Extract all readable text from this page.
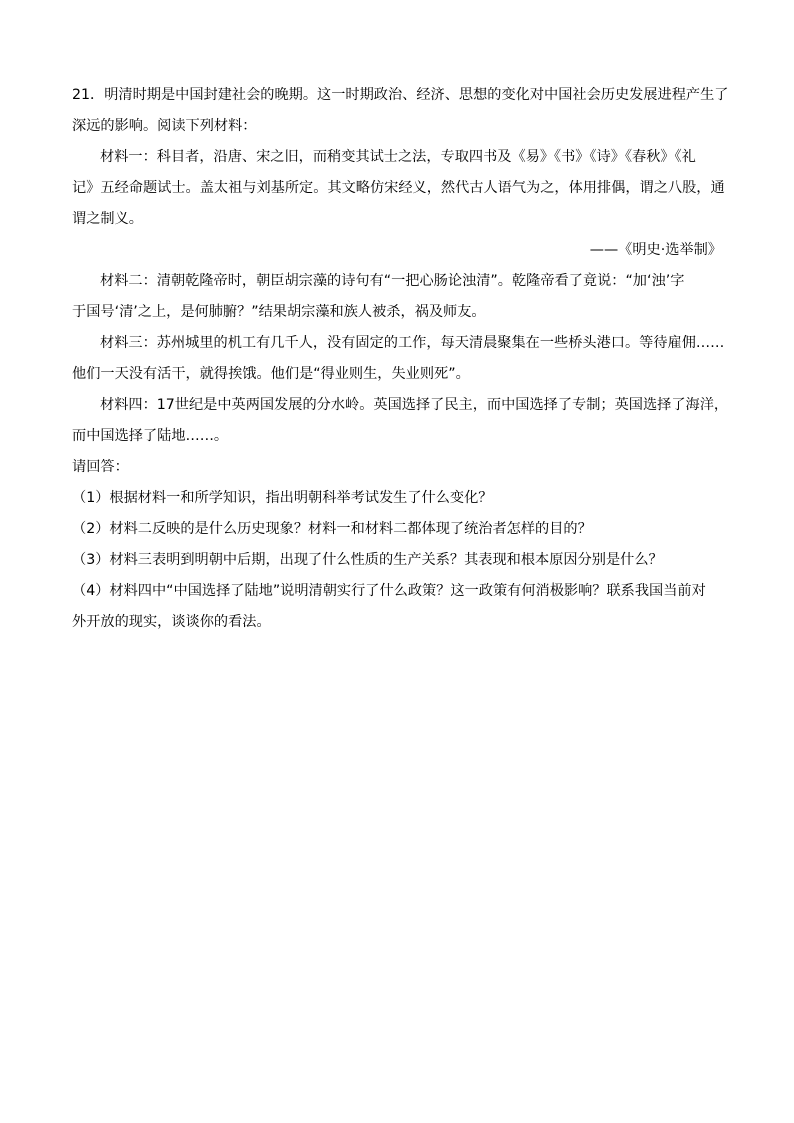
21．明清时期是中国封建社会的晚期。这一时期政治、经济、思想的变化对中国社会历史发展进程产生了
深远的影响。阅读下列材料：
材料一：科目者，沿唐、宋之旧，而稍变其试士之法，专取四书及《易》《书》《诗》《春秋》《礼
记》五经命题试士。盖太祖与刘基所定。其文略仿宋经义，然代古人语气为之，体用排偶，谓之八股，通
谓之制义。
——《明史·选举制》
材料二：清朝乾隆帝时，朝臣胡宗藻的诗句有“一把心肠论浊清”。乾隆帝看了竟说：“加‘浊’字
于国号‘清’之上，是何肺腑？”结果胡宗藻和族人被杀，祸及师友。
材料三：苏州城里的机工有几千人，没有固定的工作，每天清晨聚集在一些桥头港口。等待雇佣……
他们一天没有活干，就得挨饿。他们是“得业则生，失业则死”。
材料四：17世纪是中英两国发展的分水岭。英国选择了民主，而中国选择了专制；英国选择了海洋，
而中国选择了陆地……。
请回答：
（1）根据材料一和所学知识，指出明朝科举考试发生了什么变化？
（2）材料二反映的是什么历史现象？材料一和材料二都体现了统治者怎样的目的？
（3）材料三表明到明朝中后期，出现了什么性质的生产关系？其表现和根本原因分别是什么？
（4）材料四中“中国选择了陆地”说明清朝实行了什么政策？这一政策有何消极影响？联系我国当前对
外开放的现实，谈谈你的看法。
